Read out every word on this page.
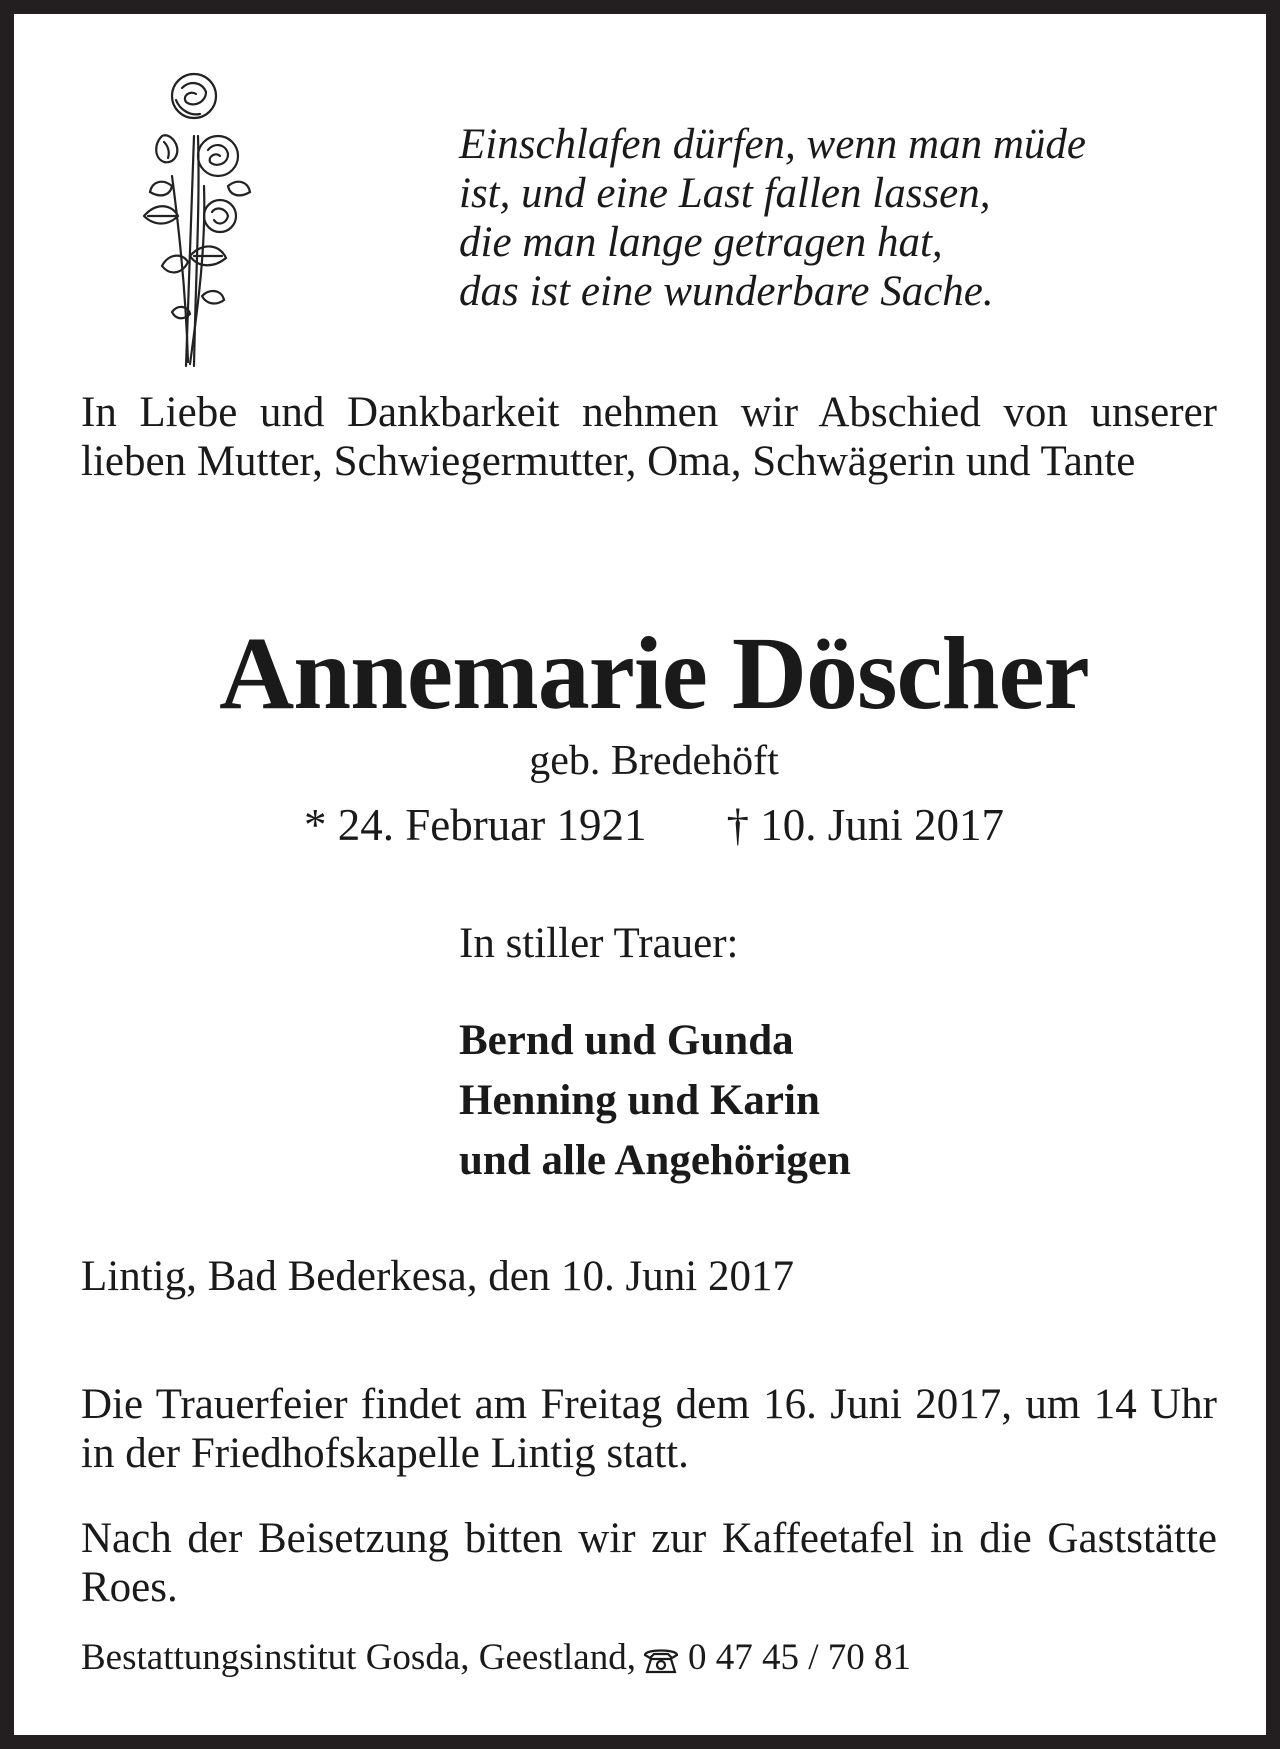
Einschlafen dürfen, wenn man müde
ist, und eine Last fallen lassen,
die man lange getragen hat,
das ist eine wunderbare Sache.
In Liebe und Dankbarkeit nehmen wir Abschied von unserer lieben Mutter, Schwiegermutter, Oma, Schwägerin und Tante
Annemarie Döscher
geb. Bredehöft
* 24. Februar 1921 † 10. Juni 2017
In stiller Trauer:
Bernd und Gunda
Henning und Karin
und alle Angehörigen
Lintig, Bad Bederkesa, den 10. Juni 2017
Die Trauerfeier findet am Freitag dem 16. Juni 2017, um 14 Uhr in der Friedhofskapelle Lintig statt.
Nach der Beisetzung bitten wir zur Kaffeetafel in die Gaststätte Roes.
Bestattungsinstitut Gosda, Geestland, 0 47 45 / 70 81
